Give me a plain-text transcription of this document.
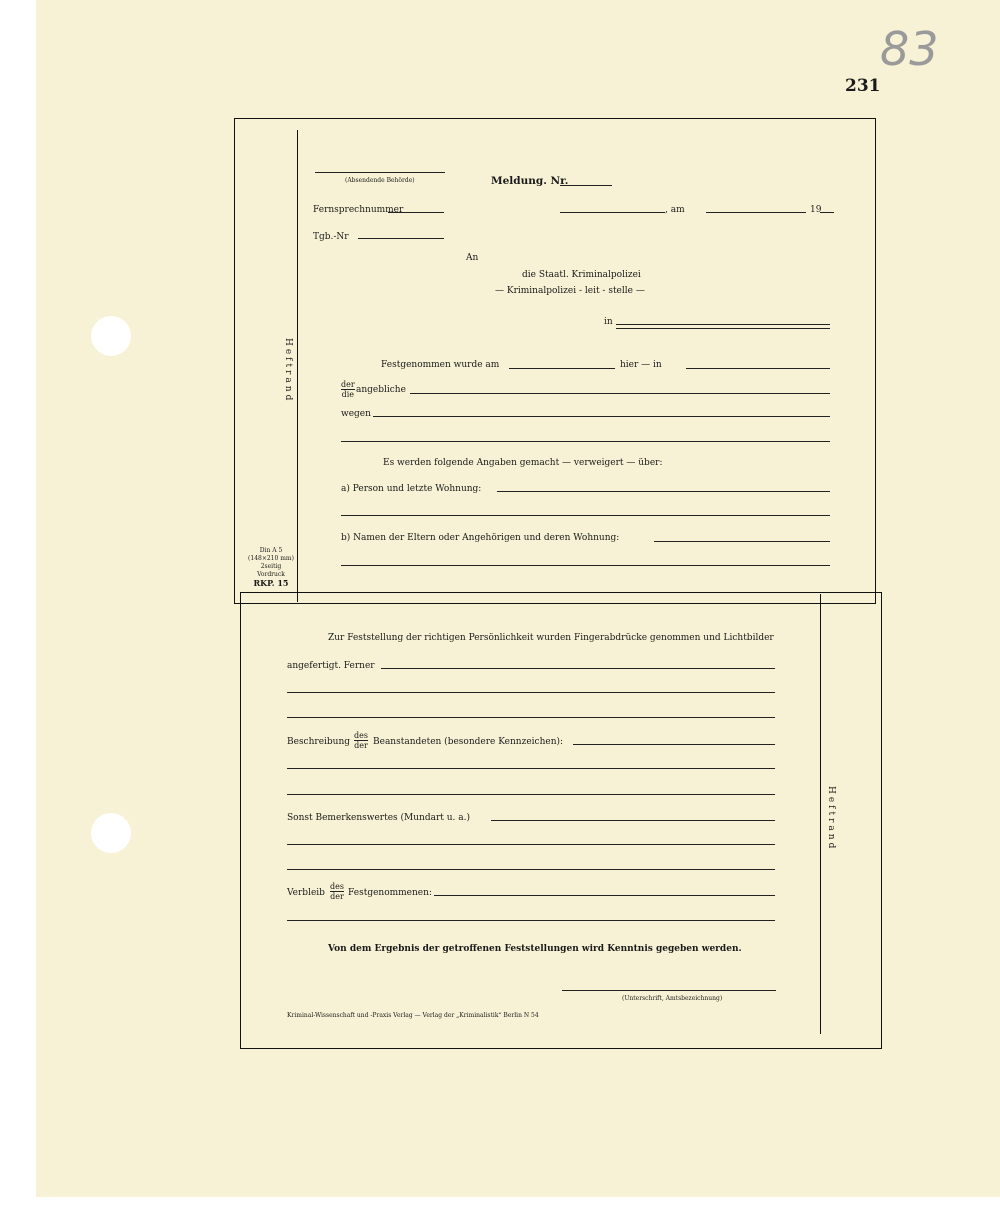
83
231
(Absendende Behörde)	Meldung. Nr.
Fernsprechnummer	, am	19
Tgb.-Nr
An
die Staatl. Kriminalpolizei
— Kriminalpolizei - leit - stelle —
in
Festgenommen wurde am	hier — in
der
die angebliche
wegen
Es werden folgende Angaben gemacht — verweigert — über:
a) Person und letzte Wohnung:
b) Namen der Eltern oder Angehörigen und deren Wohnung:
Heftrand
Din A 5
(148×210 mm)
2seitig
Vordruck
RKP. 15
Zur Feststellung der richtigen Persönlichkeit wurden Fingerabdrücke genommen und Lichtbilder
angefertigt. Ferner
Beschreibung
des
der Beanstandeten (besondere Kennzeichen):
Sonst Bemerkenswertes (Mundart u. a.)
Verbleib
des
der Festgenommenen:
Von dem Ergebnis der getroffenen Feststellungen wird Kenntnis gegeben werden.
(Unterschrift, Amtsbezeichnung)
Kriminal-Wissenschaft und -Praxis Verlag — Verlag der „Kriminalistik“ Berlin N 54
Heftrand
